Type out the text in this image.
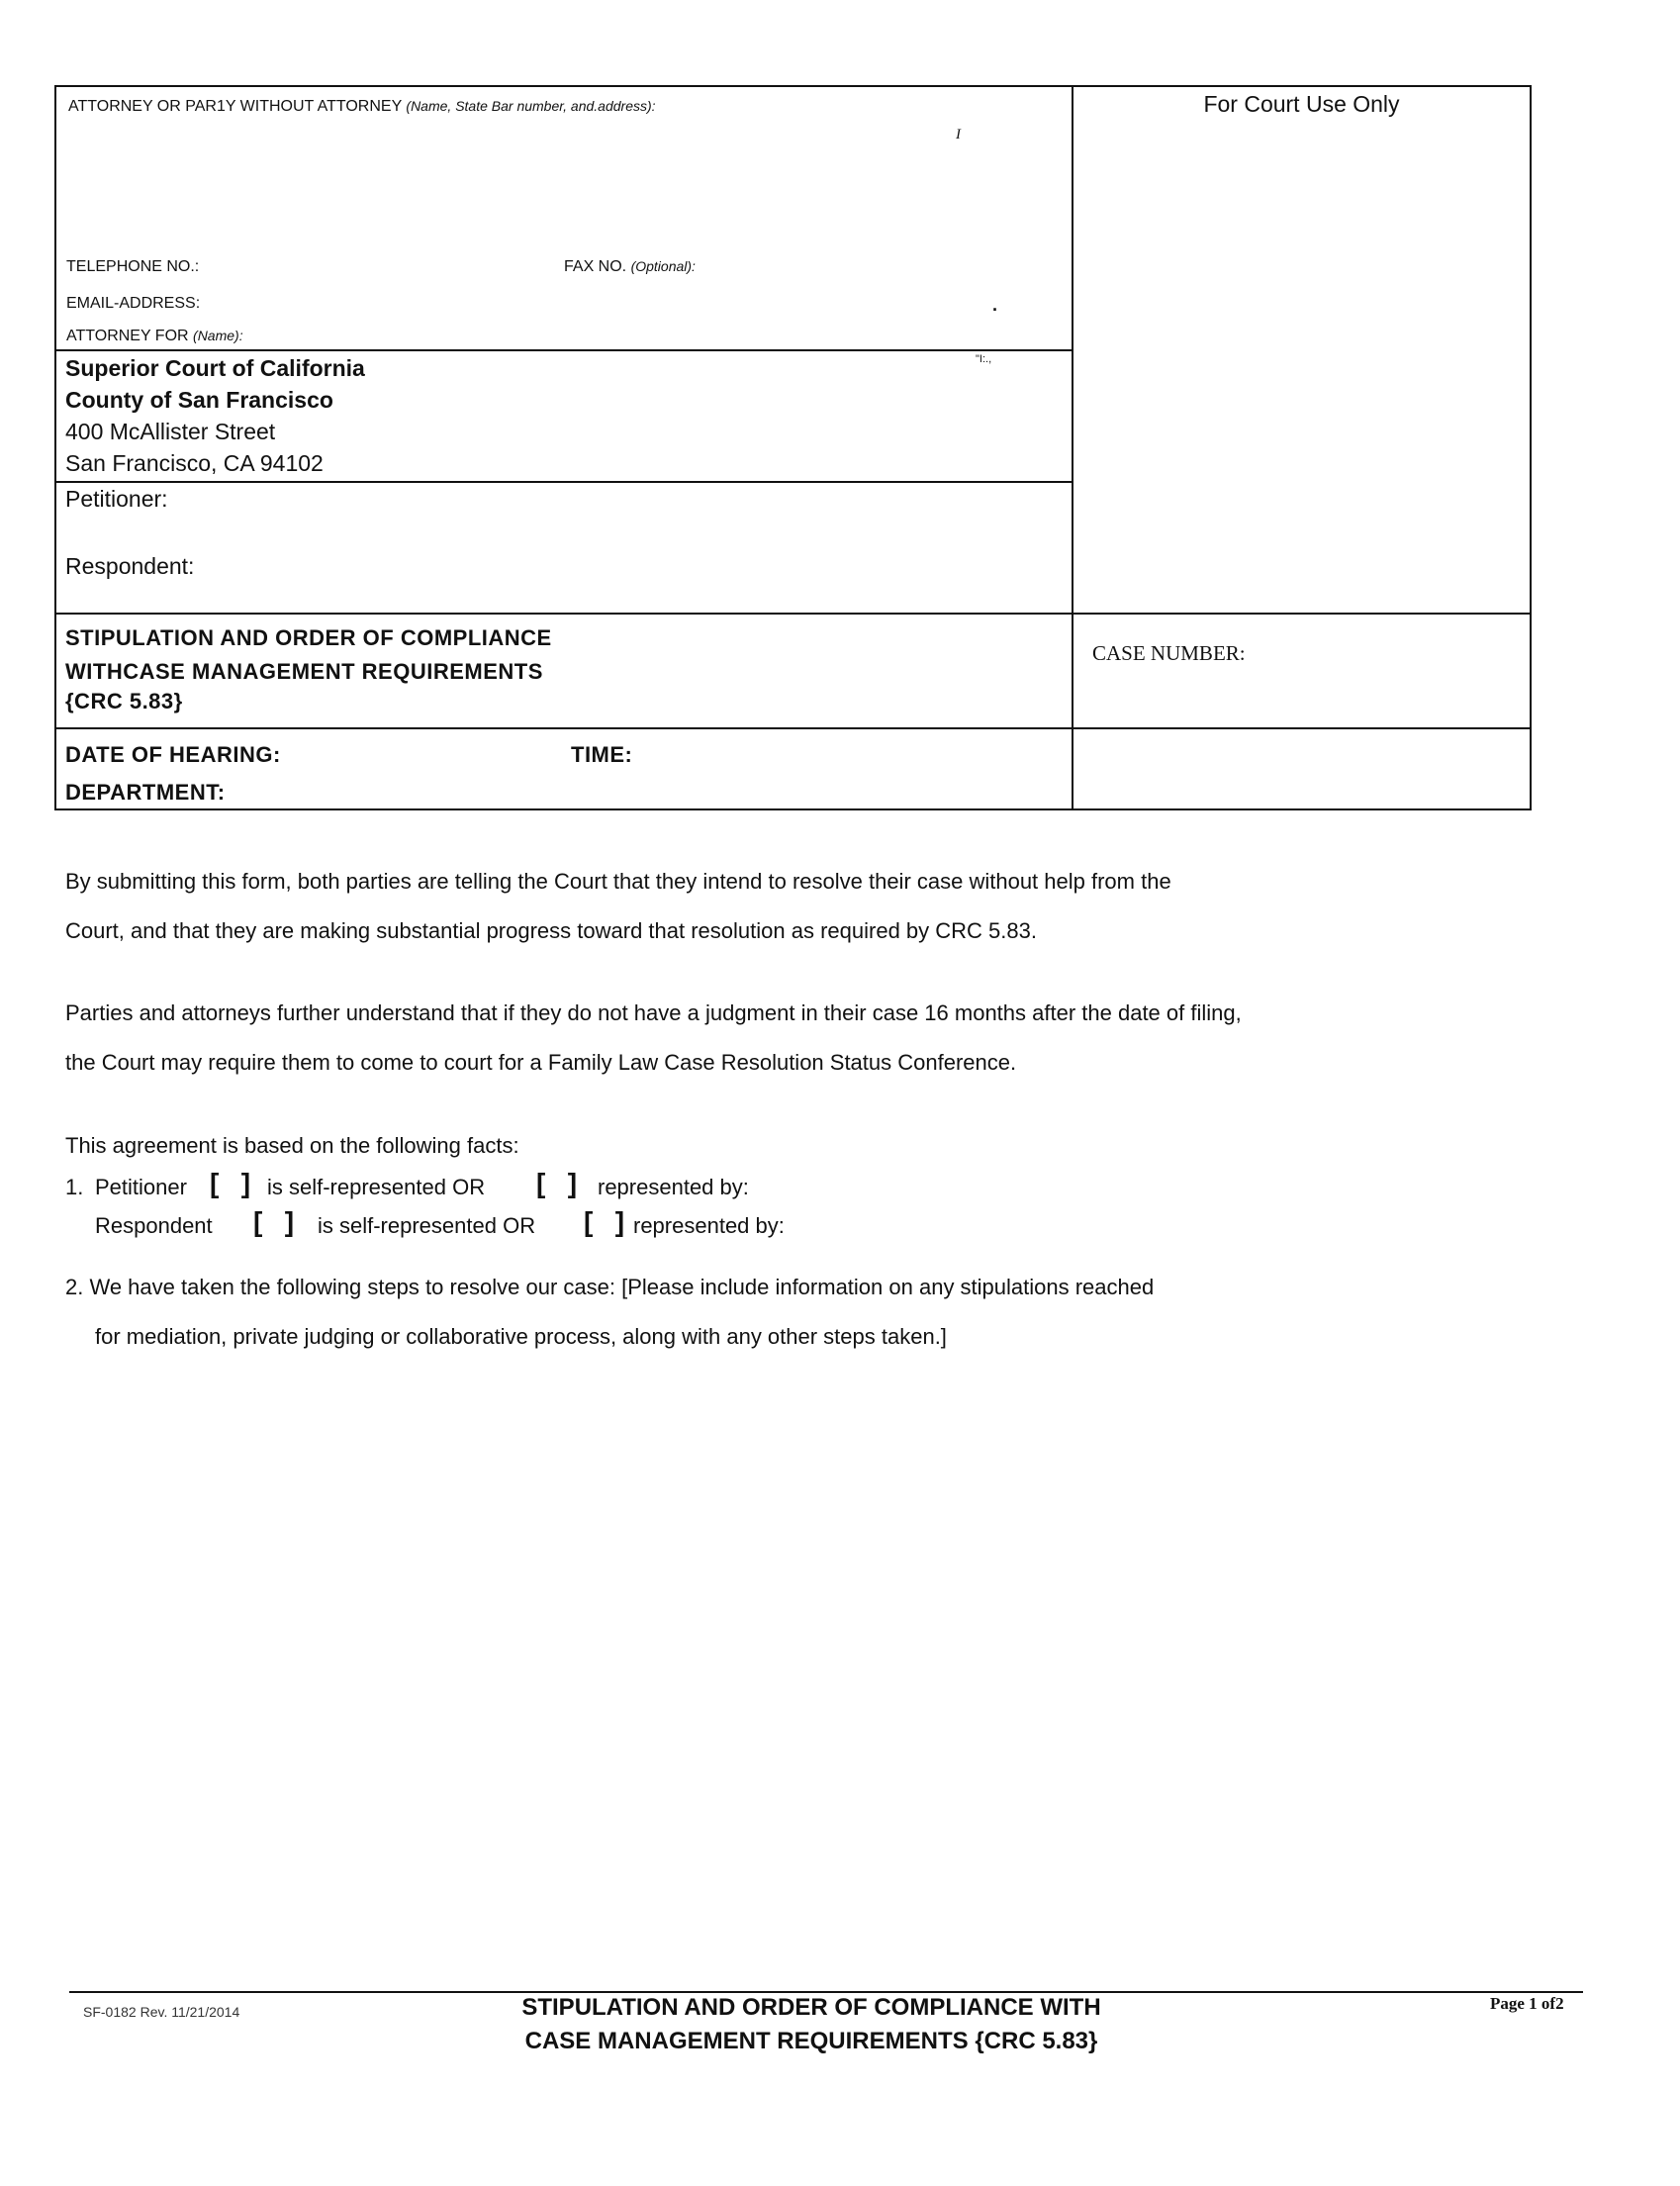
ATTORNEY OR PAR1Y WITHOUT ATTORNEY (Name, State Bar number, and.address):
I
TELEPHONE NO.:	FAX NO. (Optional):
EMAIL-ADDRESS:	.
ATTORNEY FOR (Name):
"I:.,
For Court Use Only
Superior Court of California
County of San Francisco
400 McAllister Street
San Francisco, CA 94102
Petitioner:
Respondent:
STIPULATION AND ORDER OF COMPLIANCE
WITHCASE MANAGEMENT REQUIREMENTS
{CRC 5.83}
CASE NUMBER:
DATE OF HEARING:	TIME:
DEPARTMENT:
By submitting this form, both parties are telling the Court that they intend to resolve their case without help from the
Court, and that they are making substantial progress toward that resolution as required by CRC 5.83.
Parties and attorneys further understand that if they do not have a judgment in their case 16 months after the date of filing,
the Court may require them to come to court for a Family Law Case Resolution Status Conference.
This agreement is based on the following facts:
1. Petitioner [ ] is self-represented OR [ ] represented by:
Respondent [ ] is self-represented OR [ ] represented by:
2. We have taken the following steps to resolve our case: [Please include information on any stipulations reached
for mediation, private judging or collaborative process, along with any other steps taken.]
SF-0182 Rev. 11/21/2014	STIPULATION AND ORDER OF COMPLIANCE WITH
CASE MANAGEMENT REQUIREMENTS {CRC 5.83}
Page 1 of2
